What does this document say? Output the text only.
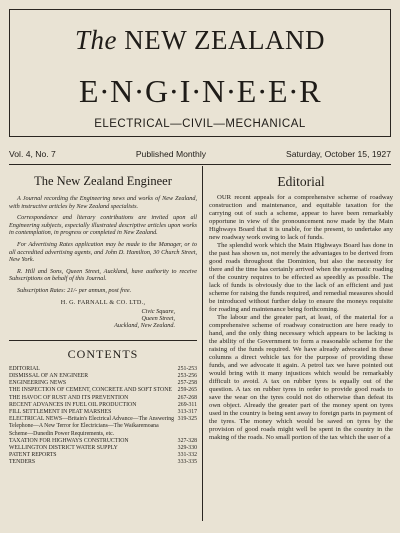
The NEW ZEALAND
E·N·G·I·N·E·E·R
ELECTRICAL—CIVIL—MECHANICAL
Vol. 4, No. 7	Published Monthly	Saturday, October 15, 1927
The New Zealand Engineer

A Journal recording the Engineering news and works of New Zealand, with instructive articles by New Zealand specialists.

Correspondence and literary contributions are invited upon all Engineering subjects, especially illustrated descriptive articles upon works in contemplation, in progress or completed in New Zealand.

For Advertising Rates application may be made to the Manager, or to all accredited advertising agents, and John D. Hamilton, 30 Church Street, New York.

R. Hill and Sons, Queen Street, Auckland, have authority to receive Subscriptions on behalf of this Journal.

Subscription Rates: 21/- per annum, post free.

H. G. FARNALL & CO. LTD.,
Civic Square,
Queen Street,
Auckland, New Zealand.
CONTENTS
EDITORIAL	251-253
DISMISSAL OF AN ENGINEER	253-256
ENGINEERING NEWS	257-258
THE INSPECTION OF CEMENT, CONCRETE AND SOFT STONE 259-265
THE HAVOC OF RUST AND ITS PREVENTION	267-268
RECENT ADVANCES IN FUEL OIL PRODUCTION	269-311
FILL SETTLEMENT IN PEAT MARSHES	313-317
ELECTRICAL NEWS—Britain's Electrical Advance—The Answering Telephone—A New Terror for Electricians—The Waikaremoana Scheme—Dunedin Power Requirements, etc.
319-325
TAXATION FOR HIGHWAYS CONSTRUCTION	327-328
WELLINGTON DISTRICT WATER SUPPLY	329-330
PATENT REPORTS	331-332
TENDERS	333-335
Editorial

OUR recent appeals for a comprehensive scheme of roadway construction and maintenance, and equitable taxation for the carrying out of such a scheme, appear to have been remarkably opportune in view of the pronouncement now made by the Main Highways Board that it is unable, for the present, to undertake any new roadway work owing to lack of funds.

The splendid work which the Main Highways Board has done in the past has shown us, not merely the advantages to be derived from good roads throughout the Dominion, but also the necessity for there and the time has certainly arrived when the systematic roading of the country requires to be effected as speedily as possible. The lack of funds is obviously due to the lack of an efficient and just scheme for raising the funds required, and remedial measures should be introduced without further delay to ensure the moneys requisite for roading and maintenance being forthcoming.

The labour and the greater part, at least, of the material for a comprehensive scheme of roadway construction are here ready to hand, and the only thing necessary which appears to be lacking is the ability of the Government to form a reasonable scheme for the raising of the funds required. We have already advocated in these columns a direct vehicle tax for the purpose of providing these funds, and we advocate it again. A petrol tax we have pointed out would bring with it many injustices which would be remarkably difficult to avoid. A tax on rubber tyres is equally out of the question. A tax on rubber tyres in order to provide good roads to save the wear on the tyres could not do otherwise than defeat its own object. Already the greater part of the money spent on tyres used in the country is being sent away to foreign parts in payment of the tyres. The money which would be saved on tyres by the provision of good roads might well be spent in the country in the making of the roads. No small portion of the tax which the user of a
